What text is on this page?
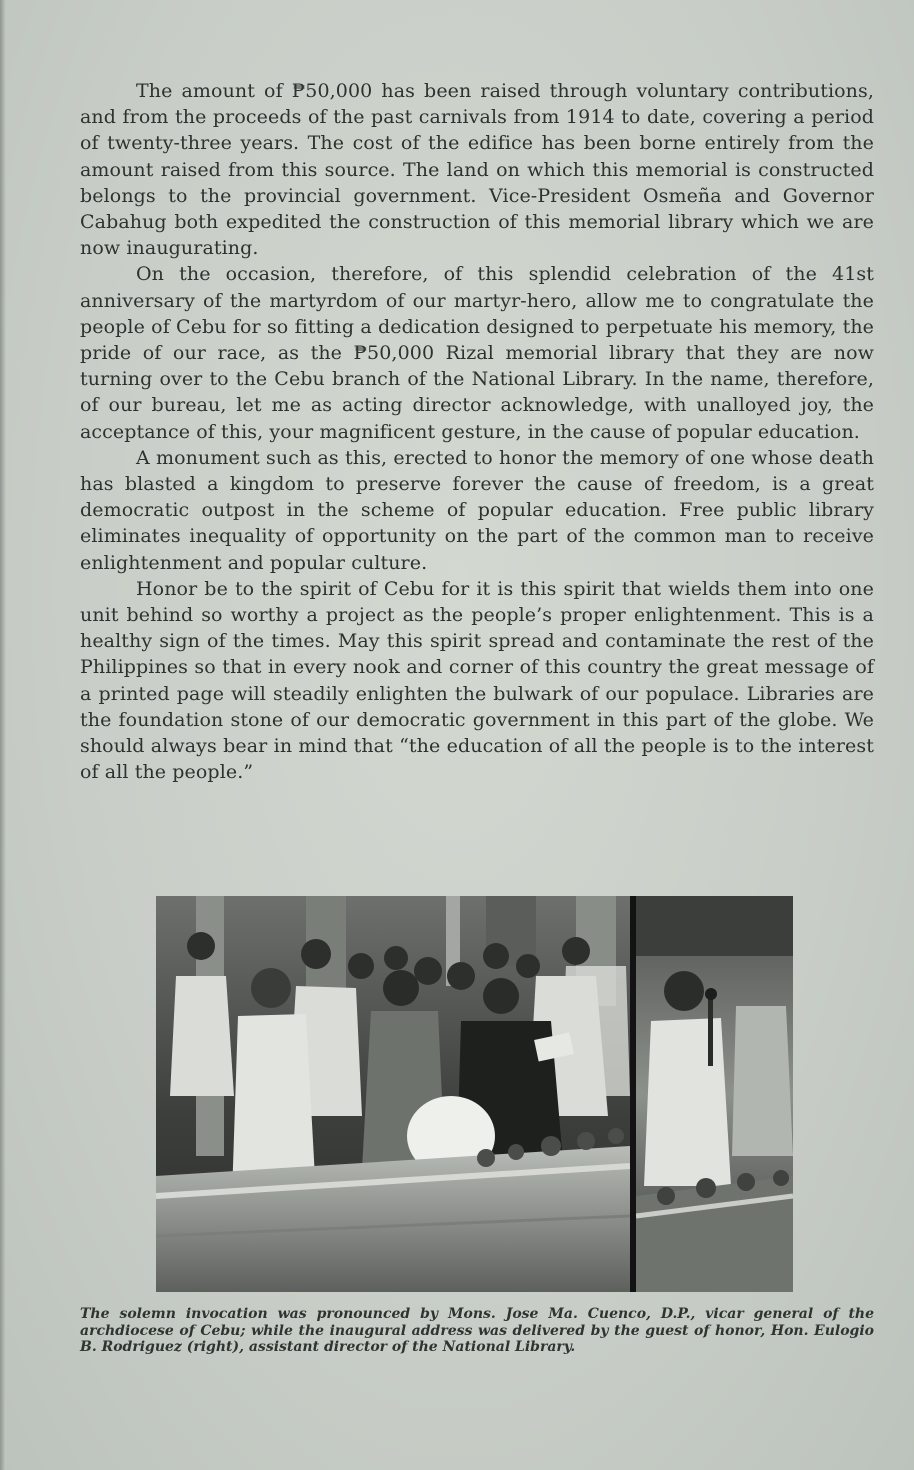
The amount of ₱50,000 has been raised through voluntary contributions, and from the proceeds of the past carnivals from 1914 to date, covering a period of twenty-three years. The cost of the edifice has been borne entirely from the amount raised from this source. The land on which this memorial is constructed belongs to the provincial government. Vice-President Osmeña and Governor Cabahug both expedited the construction of this memorial library which we are now inaugurating.

On the occasion, therefore, of this splendid celebration of the 41st anniversary of the martyrdom of our martyr-hero, allow me to congratulate the people of Cebu for so fitting a dedication designed to perpetuate his memory, the pride of our race, as the ₱50,000 Rizal memorial library that they are now turning over to the Cebu branch of the National Library. In the name, therefore, of our bureau, let me as acting director acknowledge, with unalloyed joy, the acceptance of this, your magnificent gesture, in the cause of popular education.

A monument such as this, erected to honor the memory of one whose death has blasted a kingdom to preserve forever the cause of freedom, is a great democratic outpost in the scheme of popular education. Free public library eliminates inequality of opportunity on the part of the common man to receive enlightenment and popular culture.

Honor be to the spirit of Cebu for it is this spirit that wields them into one unit behind so worthy a project as the people’s proper enlightenment. This is a healthy sign of the times. May this spirit spread and contaminate the rest of the Philippines so that in every nook and corner of this country the great message of a printed page will steadily enlighten the bulwark of our populace. Libraries are the foundation stone of our democratic government in this part of the globe. We should always bear in mind that “the education of all the people is to the interest of all the people.”

The solemn invocation was pronounced by Mons. Jose Ma. Cuenco, D.P., vicar general of the archdiocese of Cebu; while the inaugural address was delivered by the guest of honor, Hon. Eulogio B. Rodriguez (right), assistant director of the National Library.
